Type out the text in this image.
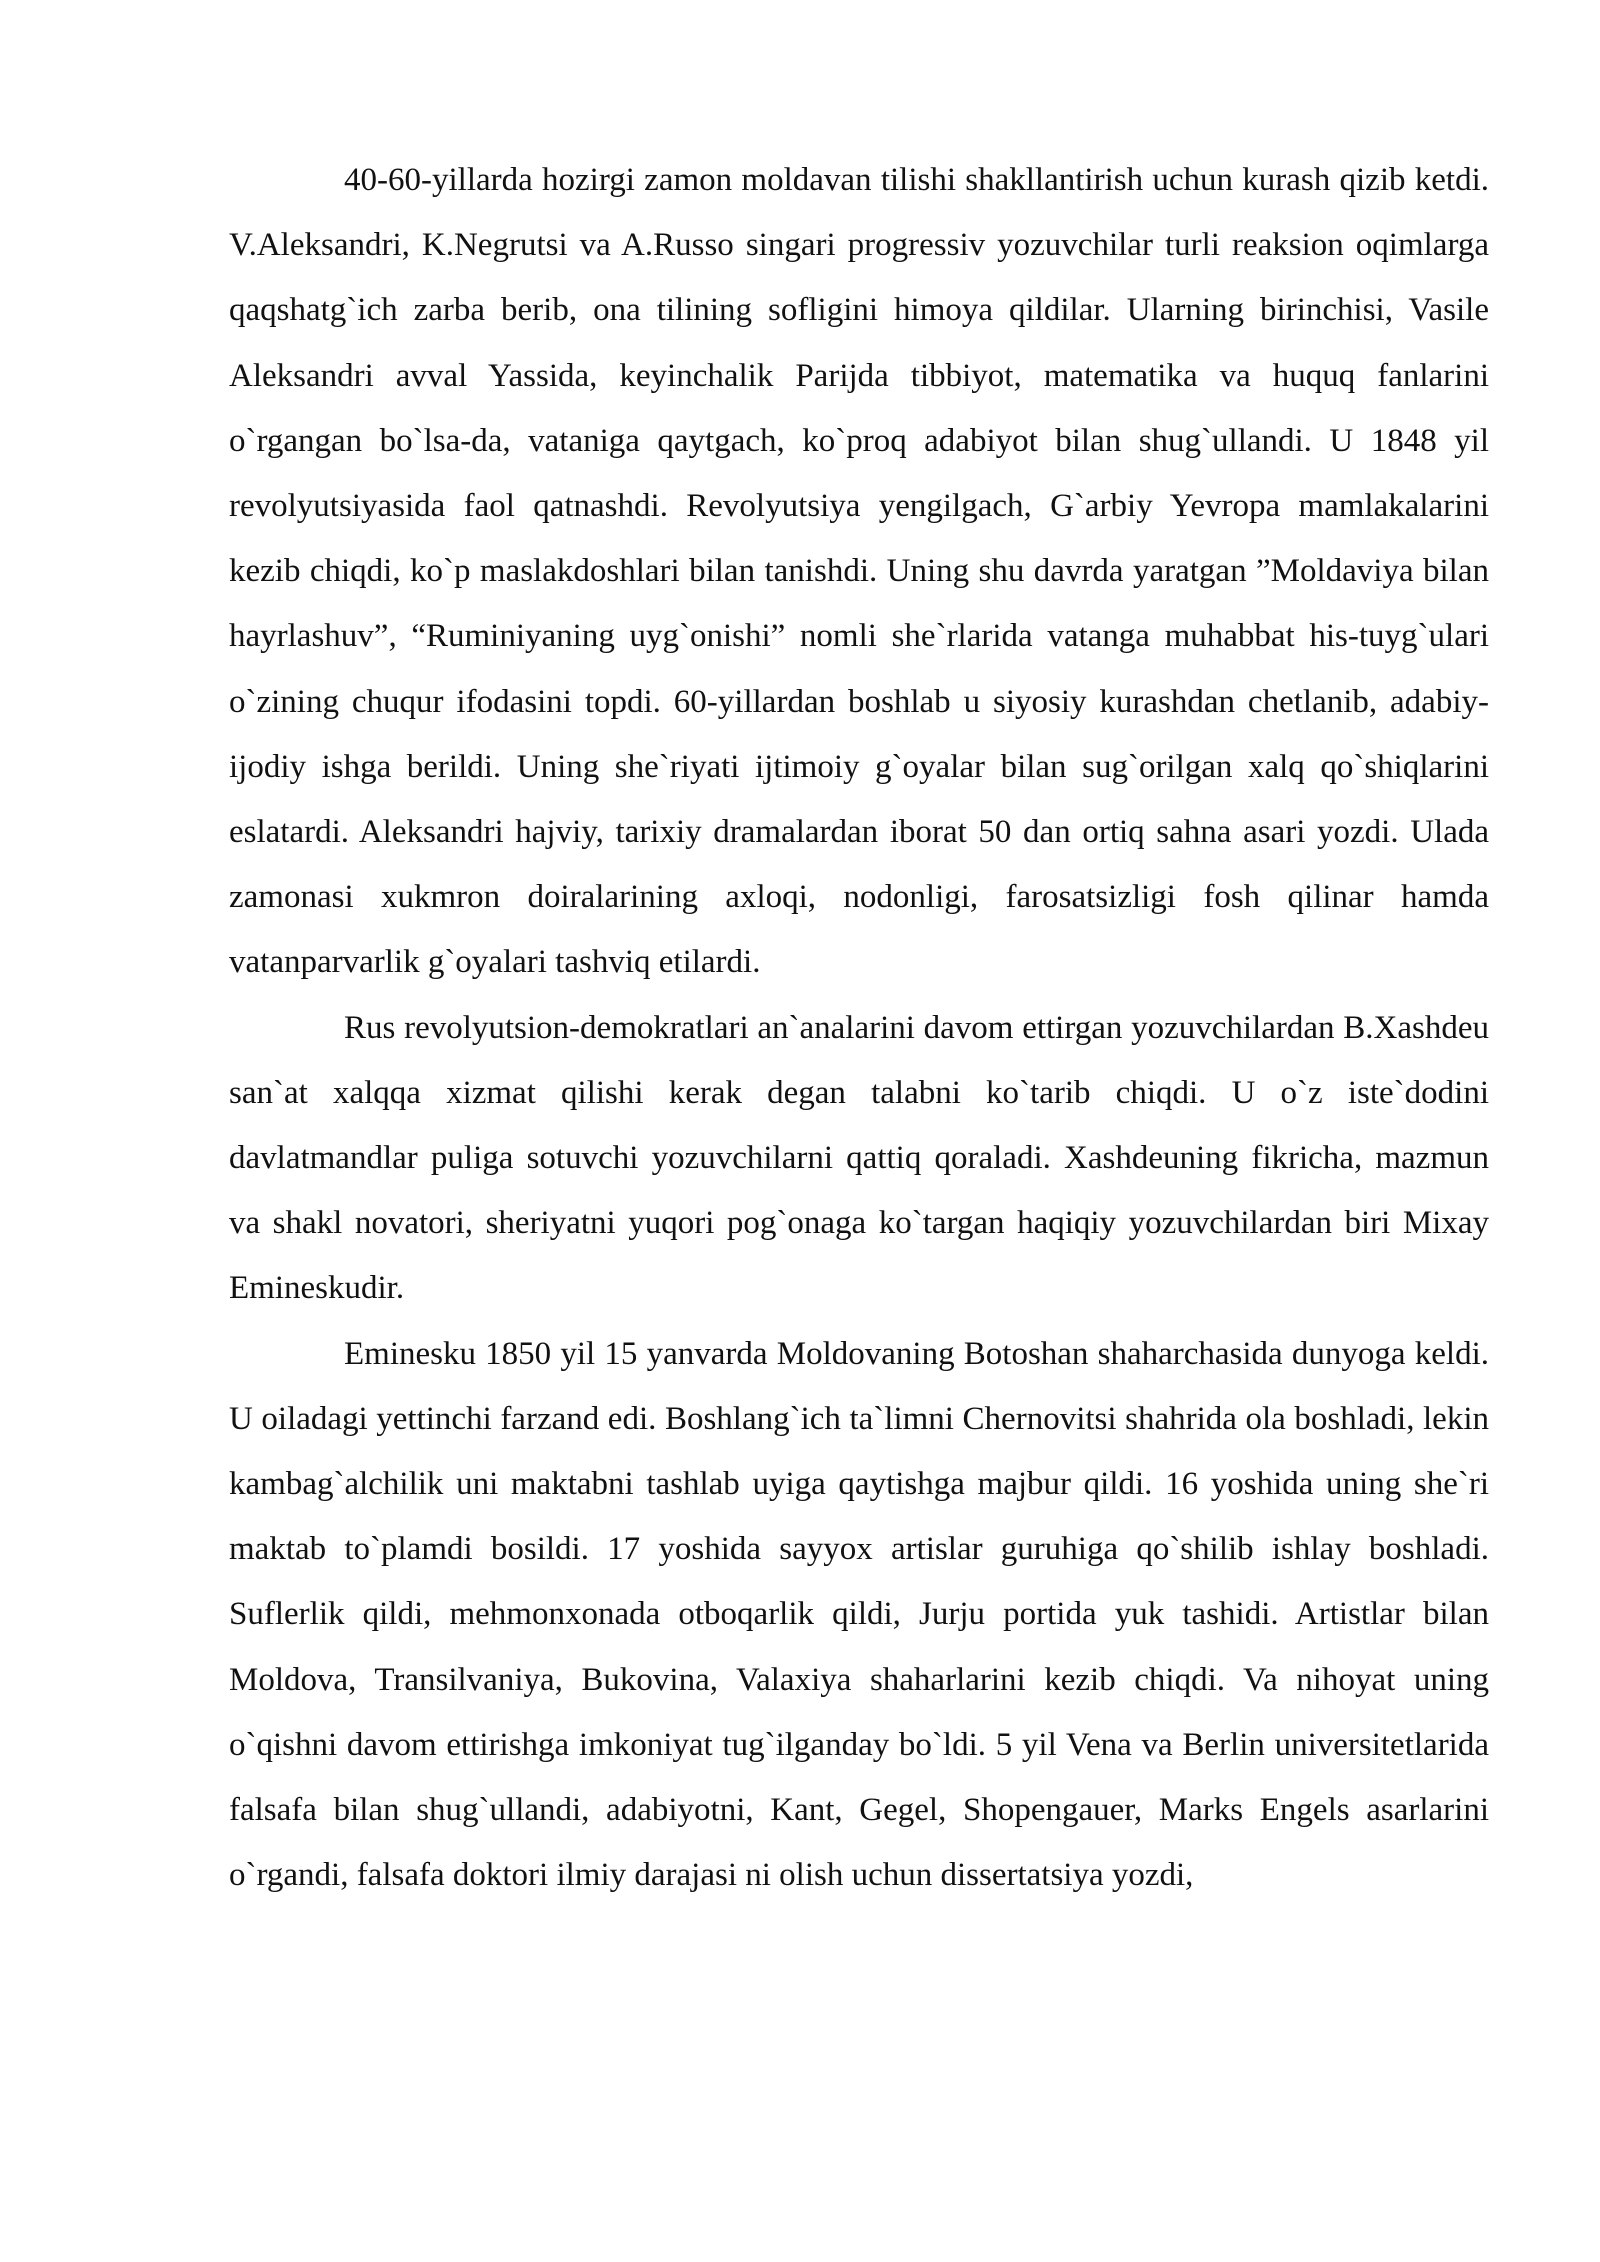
40-60-yillarda hozirgi zamon moldavan tilishi shakllantirish uchun kurash qizib ketdi. V.Aleksandri, K.Negrutsi va A.Russo singari progressiv yozuvchilar turli reaksion oqimlarga qaqshatg`ich zarba berib, ona tilining sofligini himoya qildilar. Ularning birinchisi, Vasile Aleksandri avval Yassida, keyinchalik Parijda tibbiyot, matematika va huquq fanlarini o`rgangan bo`lsa-da, vataniga qaytgach, ko`proq adabiyot bilan shug`ullandi. U 1848 yil revolyutsiyasida faol qatnashdi. Revolyutsiya yengilgach, G`arbiy Yevropa mamlakalarini kezib chiqdi, ko`p maslakdoshlari bilan tanishdi. Uning shu davrda yaratgan ”Moldaviya bilan hayrlashuv”, “Ruminiyaning uyg`onishi” nomli she`rlarida vatanga muhabbat his-tuyg`ulari o`zining chuqur ifodasini topdi. 60-yillardan boshlab u siyosiy kurashdan chetlanib, adabiy-ijodiy ishga berildi. Uning she`riyati ijtimoiy g`oyalar bilan sug`orilgan xalq qo`shiqlarini eslatardi. Aleksandri hajviy, tarixiy dramalardan iborat 50 dan ortiq sahna asari yozdi. Ulada zamonasi xukmron doiralarining axloqi, nodonligi, farosatsizligi fosh qilinar hamda vatanparvarlik g`oyalari tashviq etilardi.

Rus revolyutsion-demokratlari an`analarini davom ettirgan yozuvchilardan B.Xashdeu san`at xalqqa xizmat qilishi kerak degan talabni ko`tarib chiqdi. U o`z iste`dodini davlatmandlar puliga sotuvchi yozuvchilarni qattiq qoraladi. Xashdeuning fikricha, mazmun va shakl novatori, sheriyatni yuqori pog`onaga ko`targan haqiqiy yozuvchilardan biri Mixay Emineskudir.

Eminesku 1850 yil 15 yanvarda Moldovaning Botoshan shaharchasida dunyoga keldi. U oiladagi yettinchi farzand edi. Boshlang`ich ta`limni Chernovitsi shahrida ola boshladi, lekin kambag`alchilik uni maktabni tashlab uyiga qaytishga majbur qildi. 16 yoshida uning she`ri maktab to`plamdi bosildi. 17 yoshida sayyox artislar guruhiga qo`shilib ishlay boshladi. Suflerlik qildi, mehmonxonada otboqarlik qildi, Jurju portida yuk tashidi. Artistlar bilan Moldova, Transilvaniya, Bukovina, Valaxiya shaharlarini kezib chiqdi. Va nihoyat uning o`qishni davom ettirishga imkoniyat tug`ilganday bo`ldi. 5 yil Vena va Berlin universitetlarida falsafa bilan shug`ullandi, adabiyotni, Kant, Gegel, Shopengauer, Marks Engels asarlarini o`rgandi, falsafa doktori ilmiy darajasi ni olish uchun dissertatsiya yozdi,
